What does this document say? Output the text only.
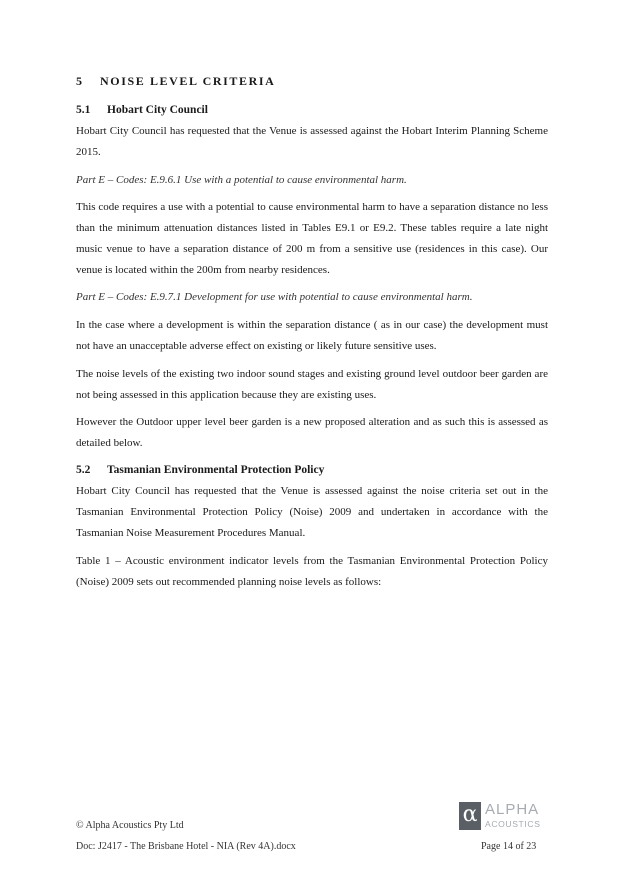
5 NOISE LEVEL CRITERIA
5.1 Hobart City Council
Hobart City Council has requested that the Venue is assessed against the Hobart Interim Planning Scheme 2015.
Part E – Codes: E.9.6.1 Use with a potential to cause environmental harm.
This code requires a use with a potential to cause environmental harm to have a separation distance no less than the minimum attenuation distances listed in Tables E9.1 or E9.2. These tables require a late night music venue to have a separation distance of 200 m from a sensitive use (residences in this case). Our venue is located within the 200m from nearby residences.
Part E – Codes: E.9.7.1 Development for use with potential to cause environmental harm.
In the case where a development is within the separation distance ( as in our case) the development must not have an unacceptable adverse effect on existing or likely future sensitive uses.
The noise levels of the existing two indoor sound stages and existing ground level outdoor beer garden are not being assessed in this application because they are existing uses.
However the Outdoor upper level beer garden is a new proposed alteration and as such this is assessed as detailed below.
5.2 Tasmanian Environmental Protection Policy
Hobart City Council has requested that the Venue is assessed against the noise criteria set out in the Tasmanian Environmental Protection Policy (Noise) 2009 and undertaken in accordance with the Tasmanian Noise Measurement Procedures Manual.
Table 1 – Acoustic environment indicator levels from the Tasmanian Environmental Protection Policy (Noise) 2009 sets out recommended planning noise levels as follows:
α ALPHA
ACOUSTICS
© Alpha Acoustics Pty Ltd
Doc: J2417 - The Brisbane Hotel - NIA (Rev 4A).docx	Page 14 of 23
